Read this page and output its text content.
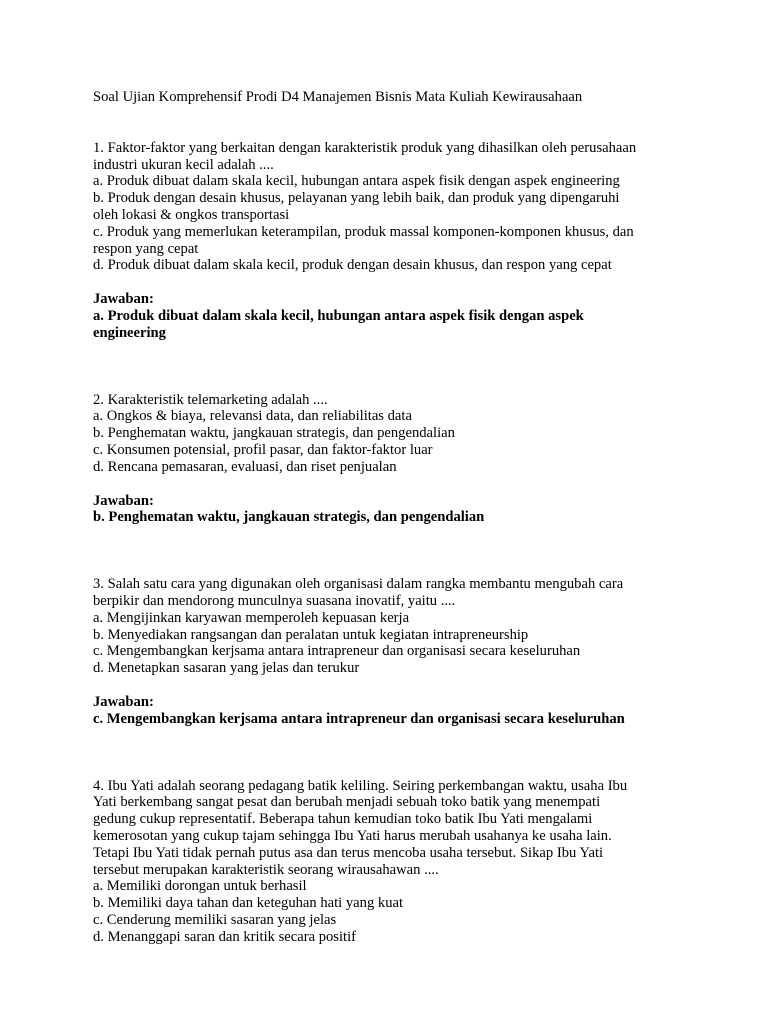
Soal Ujian Komprehensif Prodi D4 Manajemen Bisnis Mata Kuliah Kewirausahaan
1. Faktor-faktor yang berkaitan dengan karakteristik produk yang dihasilkan oleh perusahaan
industri ukuran kecil adalah ....
a. Produk dibuat dalam skala kecil, hubungan antara aspek fisik dengan aspek engineering
b. Produk dengan desain khusus, pelayanan yang lebih baik, dan produk yang dipengaruhi
oleh lokasi & ongkos transportasi
c. Produk yang memerlukan keterampilan, produk massal komponen-komponen khusus, dan
respon yang cepat
d. Produk dibuat dalam skala kecil, produk dengan desain khusus, dan respon yang cepat
Jawaban:
a. Produk dibuat dalam skala kecil, hubungan antara aspek fisik dengan aspek
engineering
2. Karakteristik telemarketing adalah ....
a. Ongkos & biaya, relevansi data, dan reliabilitas data
b. Penghematan waktu, jangkauan strategis, dan pengendalian
c. Konsumen potensial, profil pasar, dan faktor-faktor luar
d. Rencana pemasaran, evaluasi, dan riset penjualan
Jawaban:
b. Penghematan waktu, jangkauan strategis, dan pengendalian
3. Salah satu cara yang digunakan oleh organisasi dalam rangka membantu mengubah cara
berpikir dan mendorong munculnya suasana inovatif, yaitu ....
a. Mengijinkan karyawan memperoleh kepuasan kerja
b. Menyediakan rangsangan dan peralatan untuk kegiatan intrapreneurship
c. Mengembangkan kerjsama antara intrapreneur dan organisasi secara keseluruhan
d. Menetapkan sasaran yang jelas dan terukur
Jawaban:
c. Mengembangkan kerjsama antara intrapreneur dan organisasi secara keseluruhan
4. Ibu Yati adalah seorang pedagang batik keliling. Seiring perkembangan waktu, usaha Ibu
Yati berkembang sangat pesat dan berubah menjadi sebuah toko batik yang menempati
gedung cukup representatif. Beberapa tahun kemudian toko batik Ibu Yati mengalami
kemerosotan yang cukup tajam sehingga Ibu Yati harus merubah usahanya ke usaha lain.
Tetapi Ibu Yati tidak pernah putus asa dan terus mencoba usaha tersebut. Sikap Ibu Yati
tersebut merupakan karakteristik seorang wirausahawan ....
a. Memiliki dorongan untuk berhasil
b. Memiliki daya tahan dan keteguhan hati yang kuat
c. Cenderung memiliki sasaran yang jelas
d. Menanggapi saran dan kritik secara positif
